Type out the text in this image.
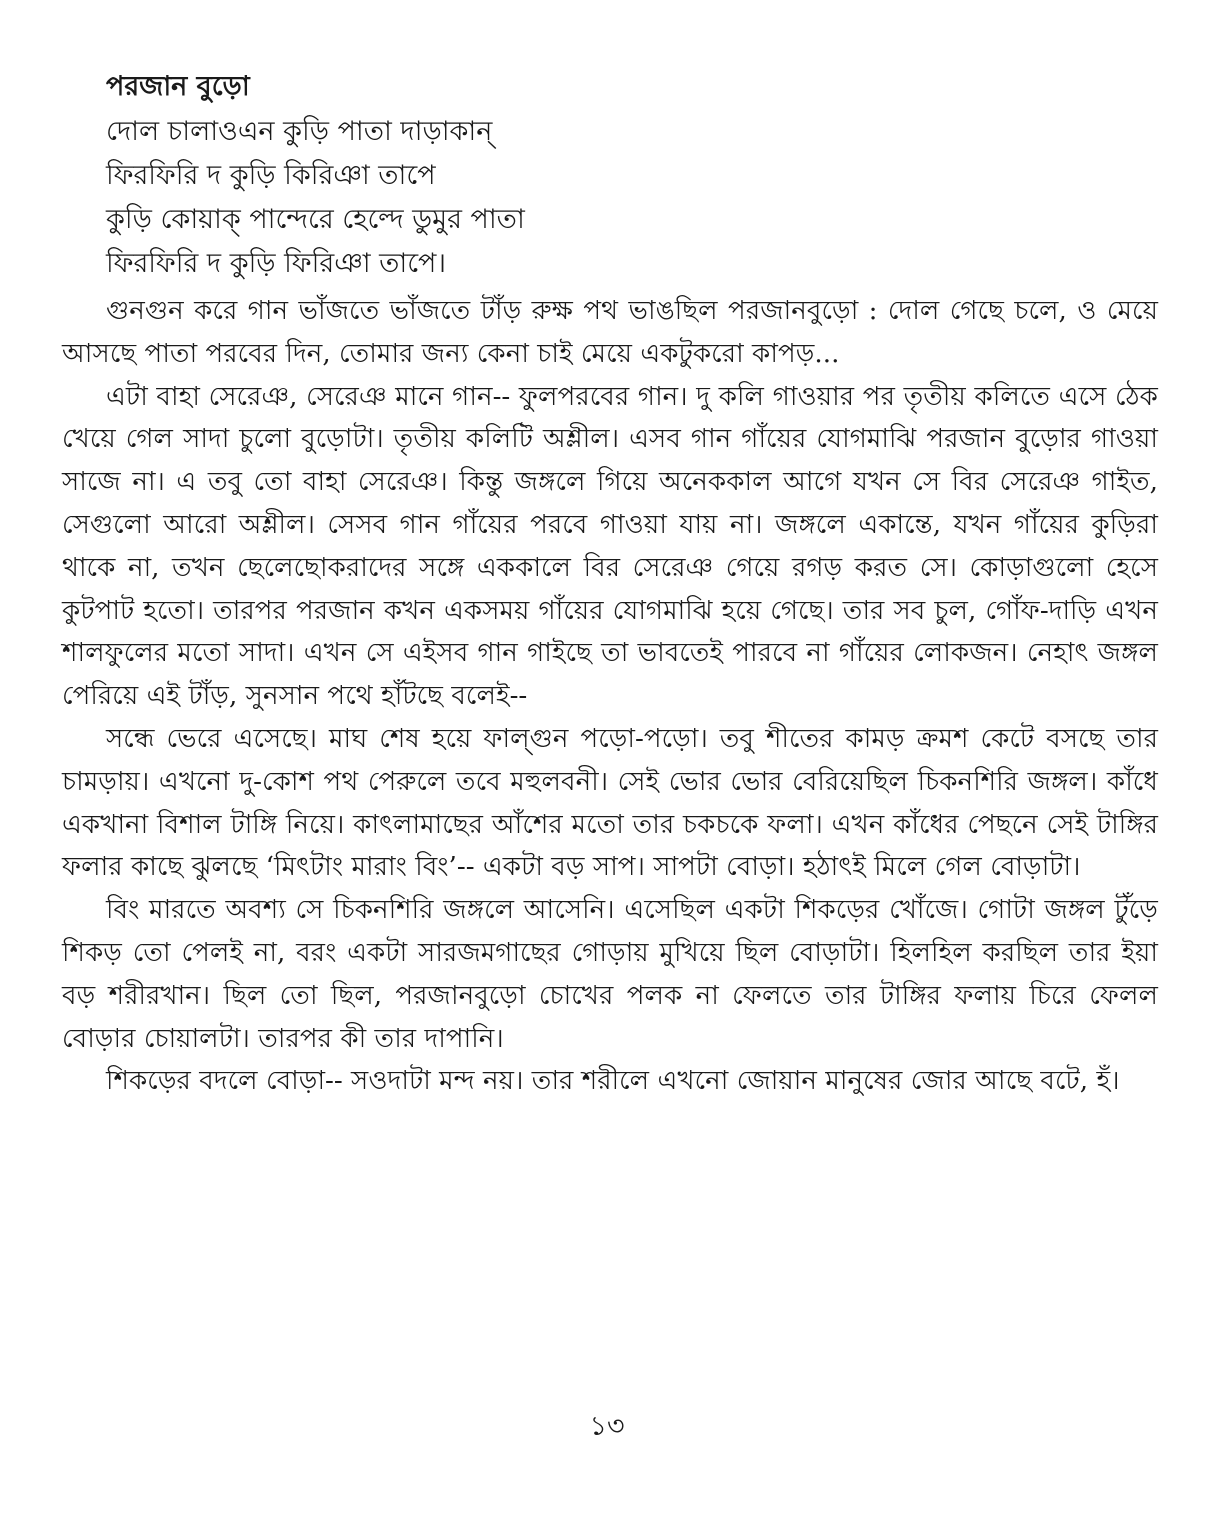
পরজান বুড়ো
দোল চালাওএন কুড়ি পাতা দাড়াকান্
ফিরফিরি দ কুড়ি কিরিঞা তাপে
কুড়ি কোয়াক্ পান্দেরে হেল্দে ডুমুর পাতা
ফিরফিরি দ কুড়ি ফিরিঞা তাপে।

গুনগুন করে গান ভাঁজতে ভাঁজতে টাঁড় রুক্ষ পথ ভাঙছিল পরজানবুড়ো : দোল গেছে চলে, ও মেয়ে আসছে পাতা পরবের দিন, তোমার জন্য কেনা চাই মেয়ে একটুকরো কাপড়...

এটা বাহা সেরেঞ, সেরেঞ মানে গান-- ফুলপরবের গান। দু কলি গাওয়ার পর তৃতীয় কলিতে এসে ঠেক খেয়ে গেল সাদা চুলো বুড়োটা। তৃতীয় কলিটি অশ্লীল। এসব গান গাঁয়ের যোগমাঝি পরজান বুড়োর গাওয়া সাজে না। এ তবু তো বাহা সেরেঞ। কিন্তু জঙ্গলে গিয়ে অনেককাল আগে যখন সে বির সেরেঞ গাইত, সেগুলো আরো অশ্লীল। সেসব গান গাঁয়ের পরবে গাওয়া যায় না। জঙ্গলে একান্তে, যখন গাঁয়ের কুড়িরা থাকে না, তখন ছেলেছোকরাদের সঙ্গে এককালে বির সেরেঞ গেয়ে রগড় করত সে। কোড়াগুলো হেসে কুটপাট হতো। তারপর পরজান কখন একসময় গাঁয়ের যোগমাঝি হয়ে গেছে। তার সব চুল, গোঁফ-দাড়ি এখন শালফুলের মতো সাদা। এখন সে এইসব গান গাইছে তা ভাবতেই পারবে না গাঁয়ের লোকজন। নেহাৎ জঙ্গল পেরিয়ে এই টাঁড়, সুনসান পথে হাঁটছে বলেই--

সন্ধে ভেরে এসেছে। মাঘ শেষ হয়ে ফাল্গুন পড়ো-পড়ো। তবু শীতের কামড় ক্রমশ কেটে বসছে তার চামড়ায়। এখনো দু-কোশ পথ পেরুলে তবে মহুলবনী। সেই ভোর ভোর বেরিয়েছিল চিকনশিরি জঙ্গল। কাঁধে একখানা বিশাল টাঙ্গি নিয়ে। কাৎলামাছের আঁশের মতো তার চকচকে ফলা। এখন কাঁধের পেছনে সেই টাঙ্গির ফলার কাছে ঝুলছে ‘মিৎটাং মারাং বিং’-- একটা বড় সাপ। সাপটা বোড়া। হঠাৎই মিলে গেল বোড়াটা।

বিং মারতে অবশ্য সে চিকনশিরি জঙ্গলে আসেনি। এসেছিল একটা শিকড়ের খোঁজে। গোটা জঙ্গল টুঁড়ে শিকড় তো পেলই না, বরং একটা সারজমগাছের গোড়ায় মুখিয়ে ছিল বোড়াটা। হিলহিল করছিল তার ইয়া বড় শরীরখান। ছিল তো ছিল, পরজানবুড়ো চোখের পলক না ফেলতে তার টাঙ্গির ফলায় চিরে ফেলল বোড়ার চোয়ালটা। তারপর কী তার দাপানি।

শিকড়ের বদলে বোড়া-- সওদাটা মন্দ নয়। তার শরীলে এখনো জোয়ান মানুষের জোর আছে বটে, হঁ।

১৩
